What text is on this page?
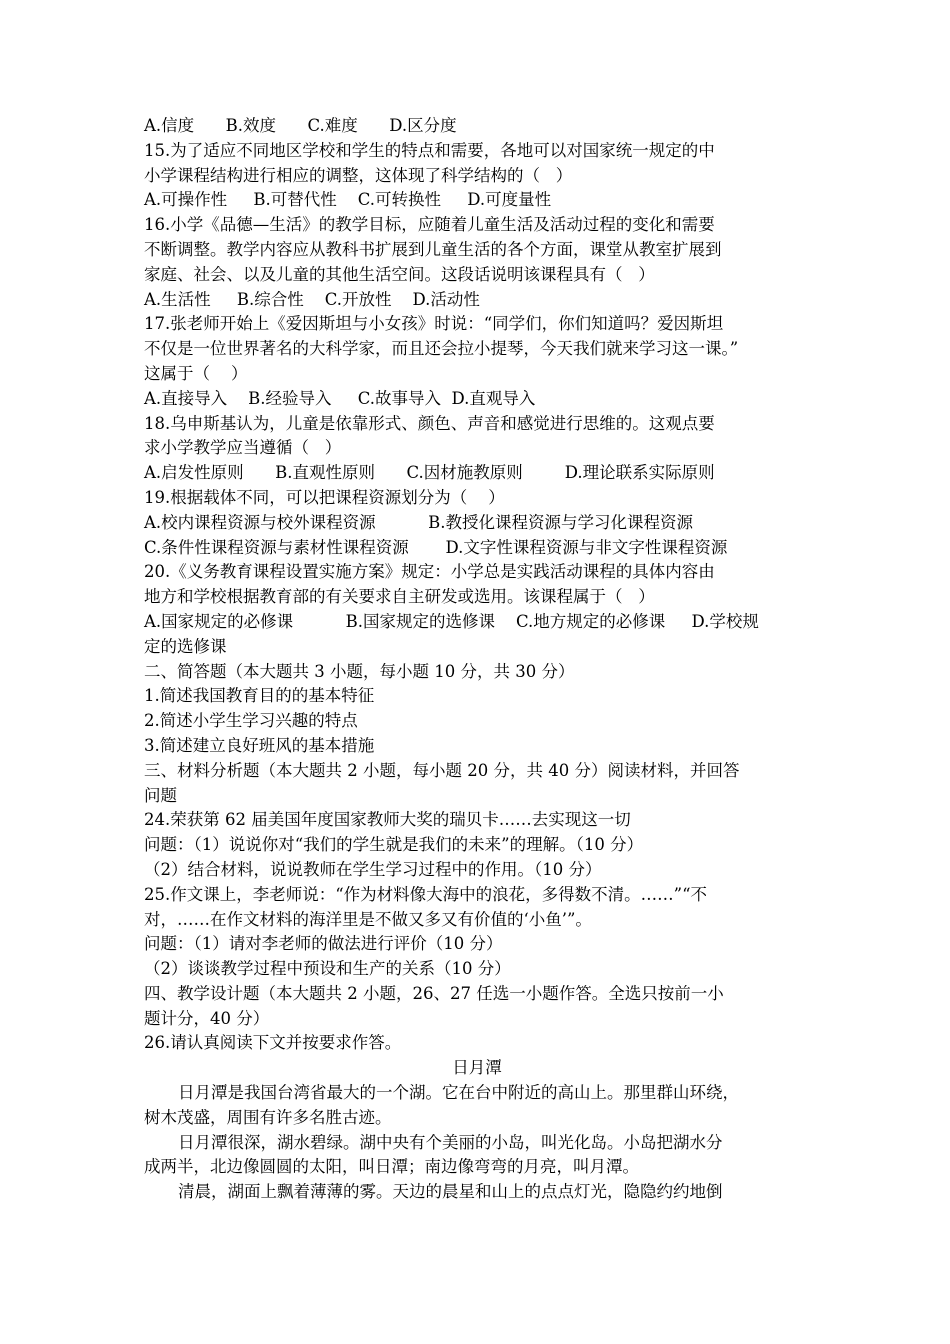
A.信度      B.效度      C.难度      D.区分度
15.为了适应不同地区学校和学生的特点和需要，各地可以对国家统一规定的中
小学课程结构进行相应的调整，这体现了科学结构的（   ）
A.可操作性     B.可替代性    C.可转换性     D.可度量性
16.小学《品德—生活》的教学目标，应随着儿童生活及活动过程的变化和需要
不断调整。教学内容应从教科书扩展到儿童生活的各个方面，课堂从教室扩展到
家庭、社会、以及儿童的其他生活空间。这段话说明该课程具有（   ）
A.生活性     B.综合性    C.开放性    D.活动性
17.张老师开始上《爱因斯坦与小女孩》时说：“同学们，你们知道吗？爱因斯坦
不仅是一位世界著名的大科学家，而且还会拉小提琴，今天我们就来学习这一课。”
这属于（    ）
A.直接导入    B.经验导入     C.故事导入  D.直观导入
18.乌申斯基认为，儿童是依靠形式、颜色、声音和感觉进行思维的。这观点要
求小学教学应当遵循（   ）
A.启发性原则      B.直观性原则      C.因材施教原则        D.理论联系实际原则
19.根据载体不同，可以把课程资源划分为（    ）
A.校内课程资源与校外课程资源          B.教授化课程资源与学习化课程资源
C.条件性课程资源与素材性课程资源       D.文字性课程资源与非文字性课程资源
20.《义务教育课程设置实施方案》规定：小学总是实践活动课程的具体内容由
地方和学校根据教育部的有关要求自主研发或选用。该课程属于（   ）
A.国家规定的必修课          B.国家规定的选修课    C.地方规定的必修课     D.学校规
定的选修课
二、简答题（本大题共 3 小题，每小题 10 分，共 30 分）
1.简述我国教育目的的基本特征
2.简述小学生学习兴趣的特点
3.简述建立良好班风的基本措施
三、材料分析题（本大题共 2 小题，每小题 20 分，共 40 分）阅读材料，并回答
问题
24.荣获第 62 届美国年度国家教师大奖的瑞贝卡……去实现这一切
问题：（1）说说你对“我们的学生就是我们的未来”的理解。（10 分）
（2）结合材料，说说教师在学生学习过程中的作用。（10 分）
25.作文课上，李老师说：“作为材料像大海中的浪花，多得数不清。……”“不
对，……在作文材料的海洋里是不做又多又有价值的‘小鱼’”。
问题：（1）请对李老师的做法进行评价（10 分）
（2）谈谈教学过程中预设和生产的关系（10 分）
四、教学设计题（本大题共 2 小题，26、27 任选一小题作答。全选只按前一小
题计分，40 分）
26.请认真阅读下文并按要求作答。
日月潭
日月潭是我国台湾省最大的一个湖。它在台中附近的高山上。那里群山环绕，
树木茂盛，周围有许多名胜古迹。
日月潭很深，湖水碧绿。湖中央有个美丽的小岛，叫光化岛。小岛把湖水分
成两半，北边像圆圆的太阳，叫日潭；南边像弯弯的月亮，叫月潭。
清晨，湖面上飘着薄薄的雾。天边的晨星和山上的点点灯光，隐隐约约地倒
